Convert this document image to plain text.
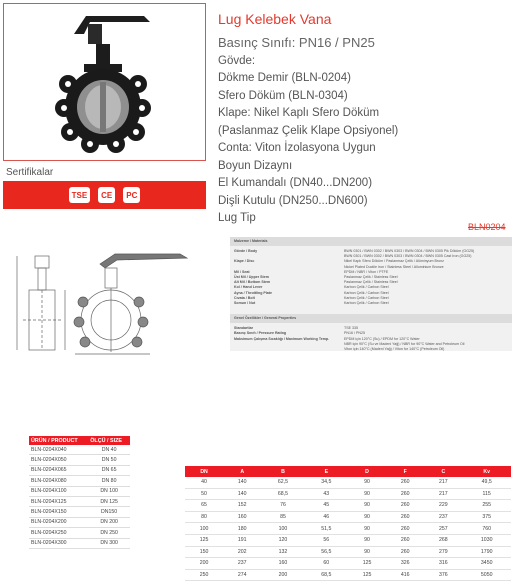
Sertifikalar
TSE	CE	PC
Lug Kelebek Vana
Basınç Sınıfı: PN16 / PN25
Gövde:
Dökme Demir (BLN-0204)
Sfero Döküm (BLN-0304)
Klape: Nikel Kaplı Sfero Döküm
(Paslanmaz Çelik Klape Opsiyonel)
Conta: Viton İzolasyona Uygun
Boyun Dizaynı
El Kumandalı (DN40...DN200)
Dişli Kutulu (DN250...DN600)
Lug Tip
BLN0204
Malzeme / Materials
Gövde / Body	BWN 0301 / BWN 0302 / BWN 0303 / BWN 0304 / BWN 0305 Pik Döküm (GG25)
BWN 0301 / BWN 0302 / BWN 0303 / BWN 0304 / BWN 0305 Cast Iron (GG25)
Klape / Disc	Nikel Kaplı Sfero Döküm / Paslanmaz Çelik / Alüminyum Bronz
Nickel Plated Ductile Iron / Stainless Steel / Alluminium Bronze
Mil / Seat	EPDM / NBR / Viton / PTFE
Üst Mil / Upper Stem	Paslanmaz Çelik / Stainless Steel
Alt Mil / Bottom Stem	Paslanmaz Çelik / Stainless Steel
Kol / Hand Lever	Karbon Çelik / Carbon Steel
Ayna / Throttling Plate	Karbon Çelik / Carbon Steel
Cıvata / Bolt	Karbon Çelik / Carbon Steel
Somun / Nut	Karbon Çelik / Carbon Steel
Genel Özellikler / General Properties
Standartlar	TSE 335
Basınç Sınıfı / Pressure Rating	PN16 / PN25
Maksimum Çalışma Sıcaklığı / Maximum Working Temp.	EPDM için 120°C (Su) / EPDM for 120°C Water
NBR için 90°C (Su ve Madeni Yağ) / NBR for 90°C Water and Petroleum Oil
Viton için 140°C (Madeni Yağ) / Viton for 140°C (Petroleum Oil)
ÜRÜN / PRODUCT	ÖLÇÜ / SIZE
BLN-0204X040	DN 40
BLN-0204X050	DN 50
BLN-0204X065	DN 65
BLN-0204X080	DN 80
BLN-0204X100	DN 100
BLN-0204X125	DN 125
BLN-0204X150	DN150
BLN-0204X200	DN 200
BLN-0204X250	DN 250
BLN-0204X300	DN 300
DN	A	B	E	D	F	C	Kv
40	140	62,5	34,5	90	260	217	49,5
50	140	68,5	43	90	260	217	115
65	152	76	45	90	260	229	255
80	160	85	46	90	260	237	375
100	180	100	51,5	90	260	257	760
125	191	120	56	90	260	268	1030
150	202	132	56,5	90	260	279	1790
200	237	160	60	125	326	316	3450
250	274	200	68,5	125	416	376	5050
